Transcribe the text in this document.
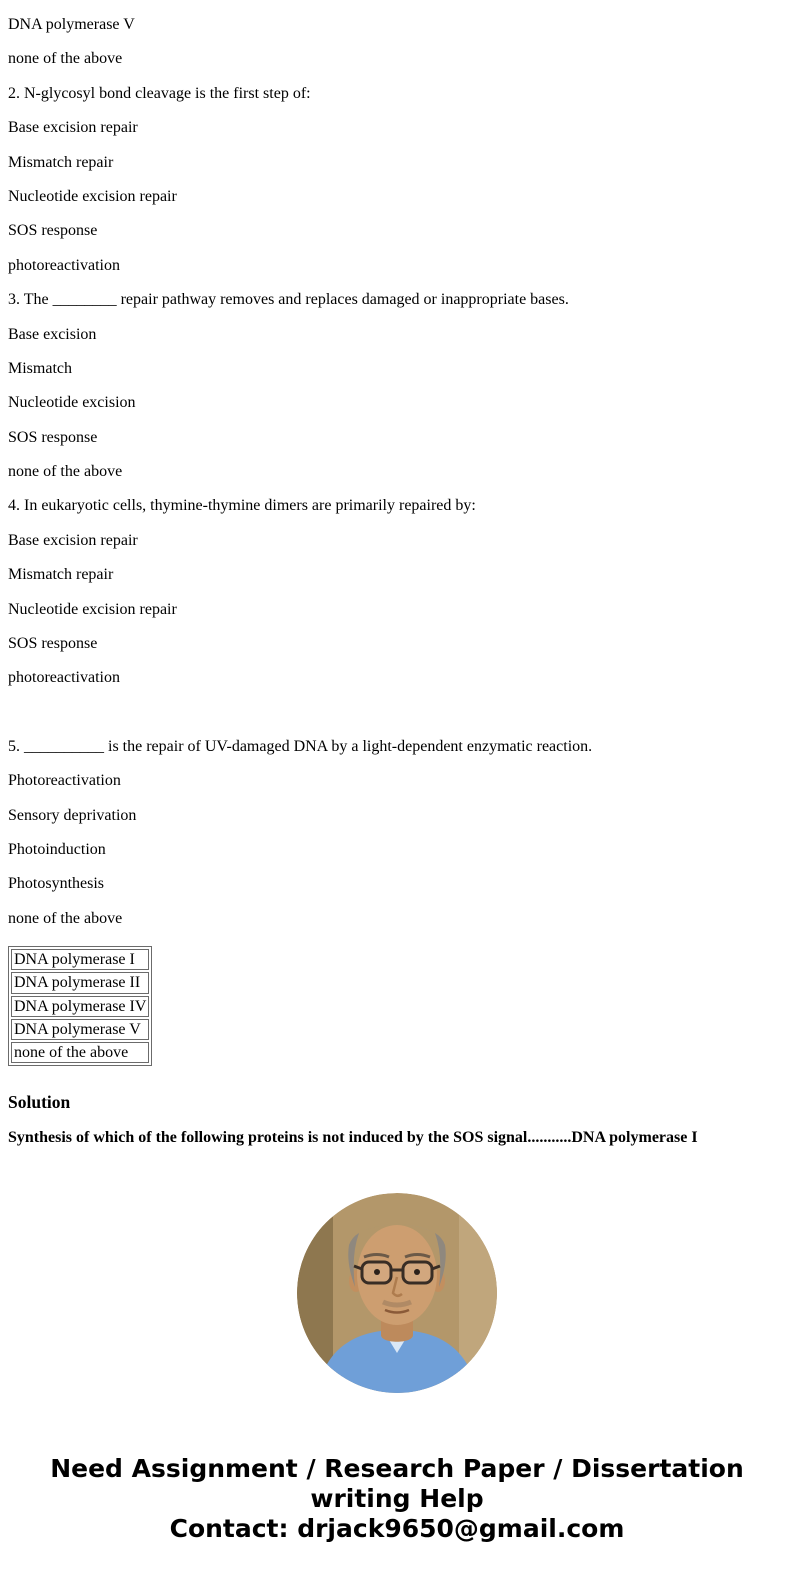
DNA polymerase V

none of the above

2. N-glycosyl bond cleavage is the first step of:

Base excision repair

Mismatch repair

Nucleotide excision repair

SOS response

photoreactivation

3. The ________ repair pathway removes and replaces damaged or inappropriate bases.

Base excision

Mismatch

Nucleotide excision

SOS response

none of the above

4. In eukaryotic cells, thymine-thymine dimers are primarily repaired by:

Base excision repair

Mismatch repair

Nucleotide excision repair

SOS response

photoreactivation

5. __________ is the repair of UV-damaged DNA by a light-dependent enzymatic reaction.

Photoreactivation

Sensory deprivation

Photoinduction

Photosynthesis

none of the above

DNA polymerase I
DNA polymerase II
DNA polymerase IV
DNA polymerase V
none of the above
Solution

Synthesis of which of the following proteins is not induced by the SOS signal...........DNA polymerase I

Need Assignment / Research Paper / Dissertation writing Help
Contact: drjack9650@gmail.com
